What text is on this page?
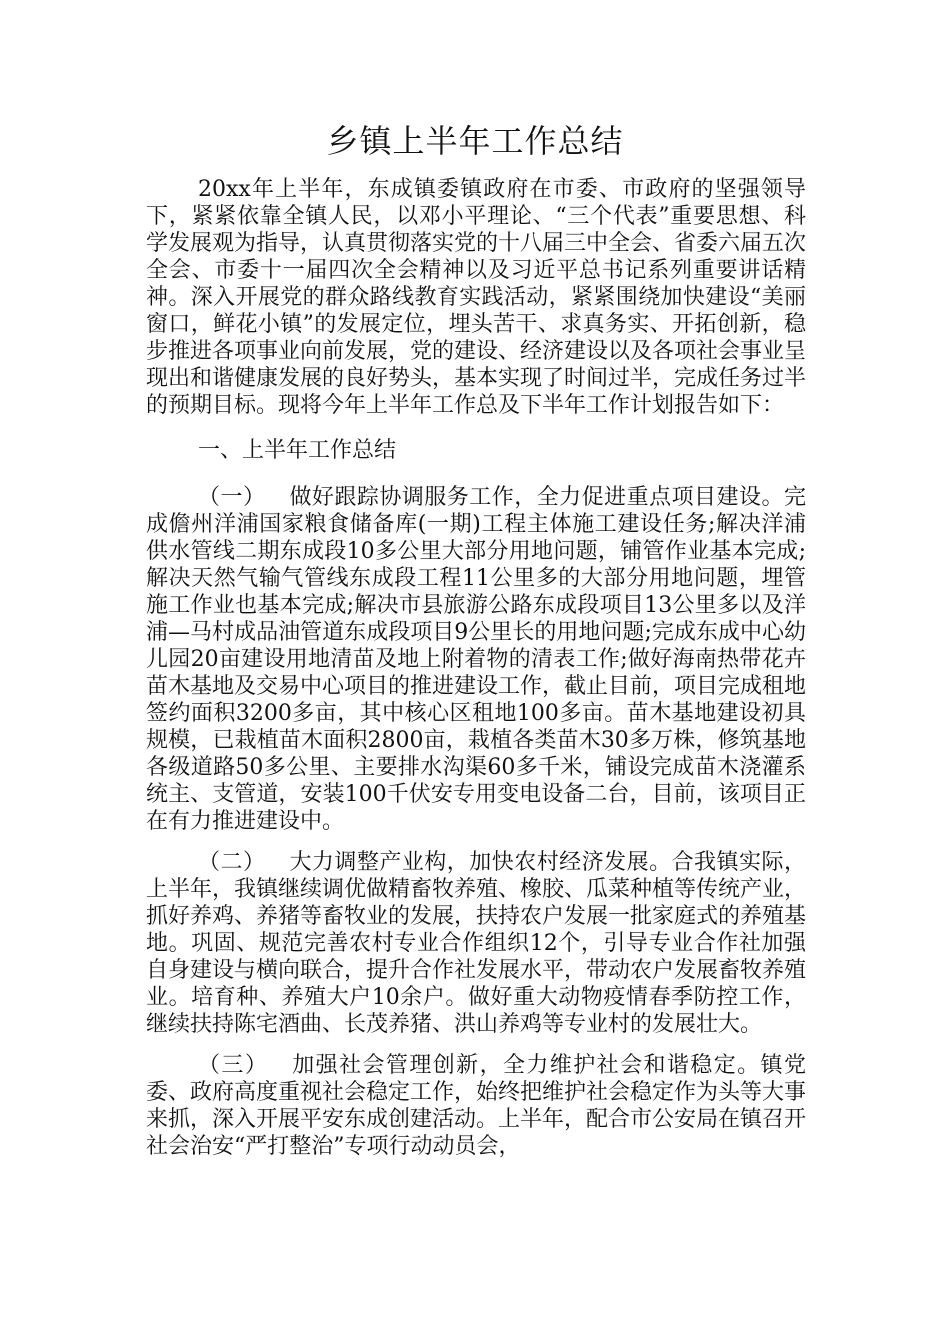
乡镇上半年工作总结

20xx年上半年，东成镇委镇政府在市委、市政府的坚强领导下，紧紧依靠全镇人民，以邓小平理论、“三个代表”重要思想、科学发展观为指导，认真贯彻落实党的十八届三中全会、省委六届五次全会、市委十一届四次全会精神以及习近平总书记系列重要讲话精神。深入开展党的群众路线教育实践活动，紧紧围绕加快建设“美丽窗口，鲜花小镇”的发展定位，埋头苦干、求真务实、开拓创新，稳步推进各项事业向前发展，党的建设、经济建设以及各项社会事业呈现出和谐健康发展的良好势头，基本实现了时间过半，完成任务过半的预期目标。现将今年上半年工作总及下半年工作计划报告如下：

一、上半年工作总结

（一） 做好跟踪协调服务工作，全力促进重点项目建设。完成儋州洋浦国家粮食储备库(一期)工程主体施工建设任务;解决洋浦供水管线二期东成段10多公里大部分用地问题，铺管作业基本完成;解决天然气输气管线东成段工程11公里多的大部分用地问题，埋管施工作业也基本完成;解决市县旅游公路东成段项目13公里多以及洋浦—马村成品油管道东成段项目9公里长的用地问题;完成东成中心幼儿园20亩建设用地清苗及地上附着物的清表工作;做好海南热带花卉苗木基地及交易中心项目的推进建设工作，截止目前，项目完成租地签约面积3200多亩，其中核心区租地100多亩。苗木基地建设初具规模，已栽植苗木面积2800亩，栽植各类苗木30多万株，修筑基地各级道路50多公里、主要排水沟渠60多千米，铺设完成苗木浇灌系统主、支管道，安装100千伏安专用变电设备二台，目前，该项目正在有力推进建设中。

（二） 大力调整产业构，加快农村经济发展。合我镇实际，上半年，我镇继续调优做精畜牧养殖、橡胶、瓜菜种植等传统产业，抓好养鸡、养猪等畜牧业的发展，扶持农户发展一批家庭式的养殖基地。巩固、规范完善农村专业合作组织12个，引导专业合作社加强自身建设与横向联合，提升合作社发展水平，带动农户发展畜牧养殖业。培育种、养殖大户10余户。做好重大动物疫情春季防控工作，继续扶持陈宅酒曲、长茂养猪、洪山养鸡等专业村的发展壮大。

（三） 加强社会管理创新，全力维护社会和谐稳定。镇党委、政府高度重视社会稳定工作，始终把维护社会稳定作为头等大事来抓，深入开展平安东成创建活动。上半年，配合市公安局在镇召开社会治安“严打整治”专项行动动员会，
